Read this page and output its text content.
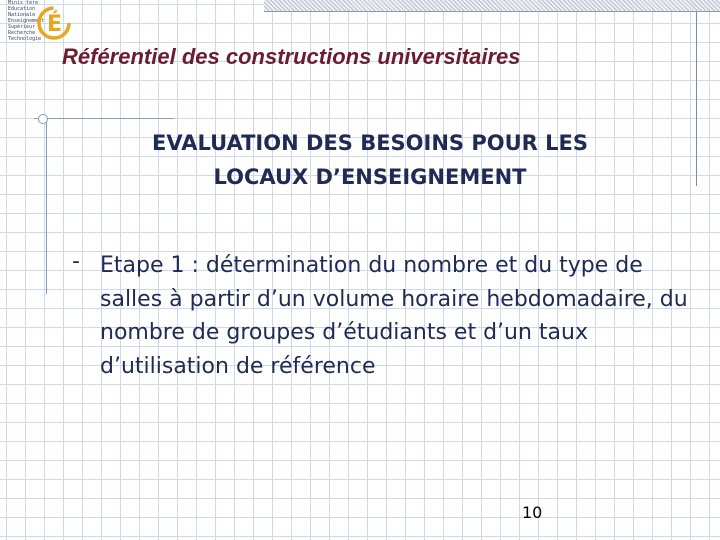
Minis tère
Education
Nationale
Enseignement
Supérieur
Recherche
Technologie
É
Référentiel des constructions universitaires
EVALUATION DES BESOINS POUR LES
LOCAUX D’ENSEIGNEMENT
- Etape 1 : détermination du nombre et du type de salles à partir d’un volume horaire hebdomadaire, du nombre de groupes d’étudiants et d’un taux d’utilisation de référence
10
